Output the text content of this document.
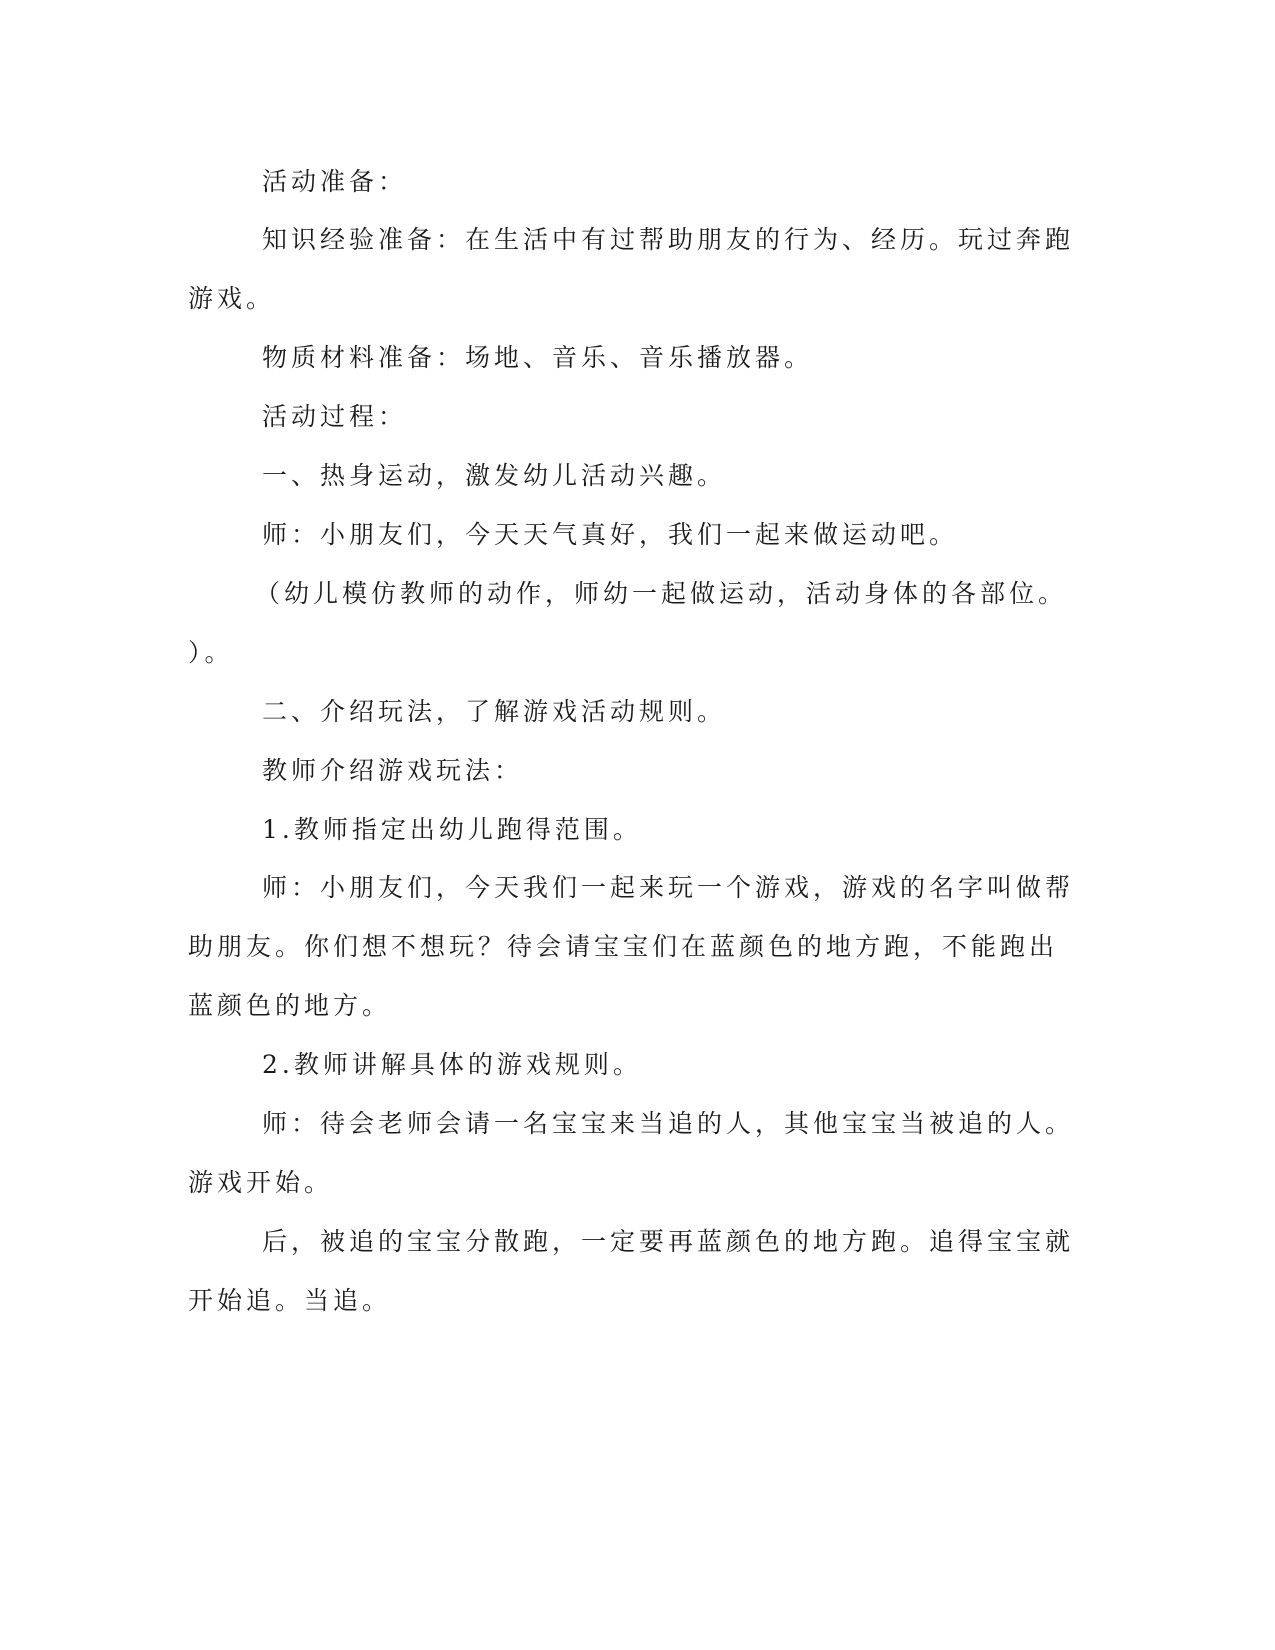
活动准备：
知识经验准备：在生活中有过帮助朋友的行为、经历。玩过奔跑
游戏。
物质材料准备：场地、音乐、音乐播放器。
活动过程：
一、热身运动，激发幼儿活动兴趣。
师：小朋友们，今天天气真好，我们一起来做运动吧。
（幼儿模仿教师的动作，师幼一起做运动，活动身体的各部位。
）。
二、介绍玩法，了解游戏活动规则。
教师介绍游戏玩法：
1.教师指定出幼儿跑得范围。
师：小朋友们，今天我们一起来玩一个游戏，游戏的名字叫做帮
助朋友。你们想不想玩？待会请宝宝们在蓝颜色的地方跑，不能跑出
蓝颜色的地方。
2.教师讲解具体的游戏规则。
师：待会老师会请一名宝宝来当追的人，其他宝宝当被追的人。
游戏开始。
后，被追的宝宝分散跑，一定要再蓝颜色的地方跑。追得宝宝就
开始追。当追。
